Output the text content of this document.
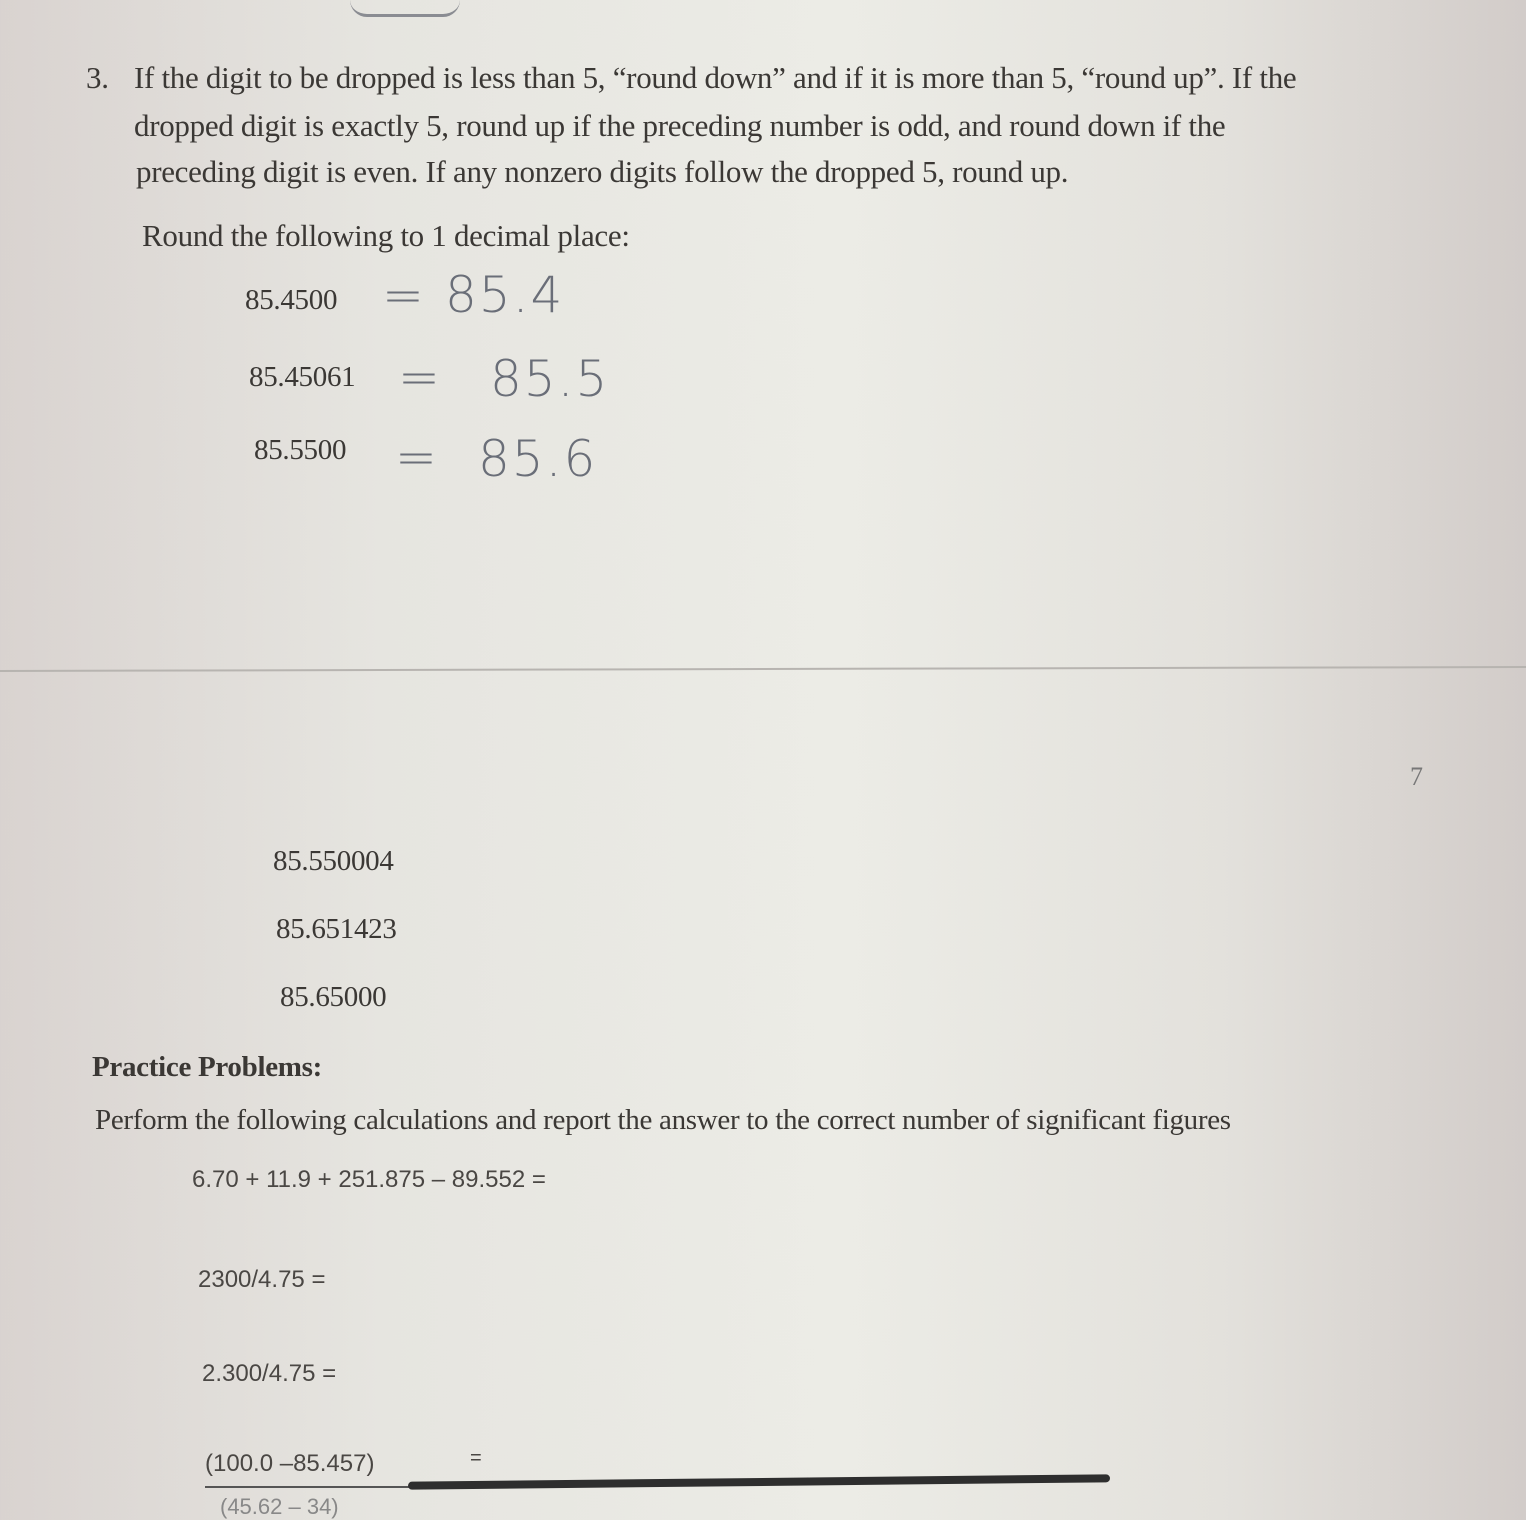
3. If the digit to be dropped is less than 5, “round down” and if it is more than 5, “round up”. If the
dropped digit is exactly 5, round up if the preceding number is odd, and round down if the
preceding digit is even. If any nonzero digits follow the dropped 5, round up.
Round the following to 1 decimal place:
85.4500 = 85.4
85.45061 = 85.5
85.5500 = 85.6
7
85.550004
85.651423
85.65000
Practice Problems:
Perform the following calculations and report the answer to the correct number of significant figures
6.70 + 11.9 + 251.875 – 89.552 =
2300/4.75 =
2.300/4.75 =
(100.0 –85.457)	=
(45.62 – 34)
